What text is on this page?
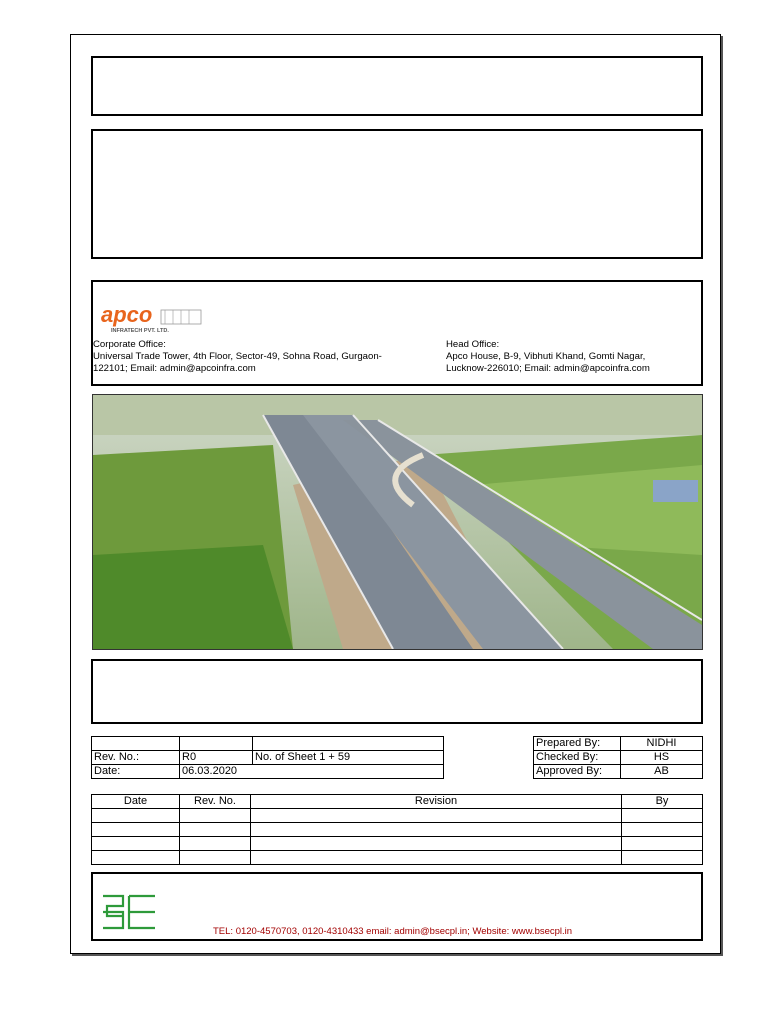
apco
INFRATECH PVT. LTD.
Corporate Office:
Universal Trade Tower, 4th Floor, Sector-49, Sohna Road, Gurgaon-
122101; Email: admin@apcoinfra.com
Head Office:
Apco House, B-9, Vibhuti Khand, Gomti Nagar,
Lucknow-226010; Email: admin@apcoinfra.com

Rev. No.:	R0	No. of Sheet 1 + 59
Date:	06.03.2020	
Prepared By:	NIDHI
Checked By:	HS
Approved By:	AB
Date	Rev. No.	Revision	By

TEL: 0120-4570703, 0120-4310433 email: admin@bsecpl.in; Website: www.bsecpl.in
